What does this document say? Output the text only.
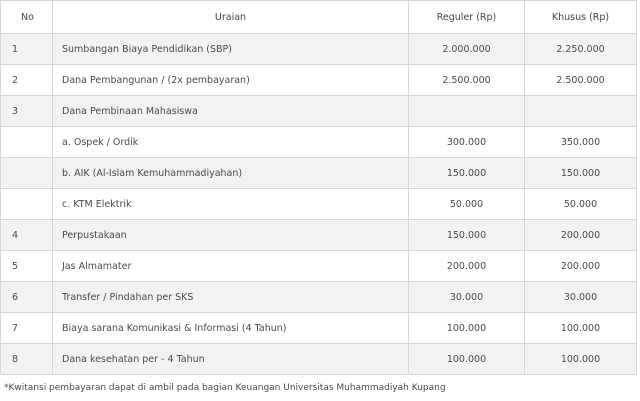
No	Uraian	Reguler (Rp)	Khusus (Rp)
1	Sumbangan Biaya Pendidikan (SBP)	2.000.000	2.250.000
2	Dana Pembangunan / (2x pembayaran)	2.500.000	2.500.000
3	Dana Pembinaan Mahasiswa		
	a. Ospek / Ordik	300.000	350.000
	b. AIK (Al-Islam Kemuhammadiyahan)	150.000	150.000
	c. KTM Elektrik	50.000	50.000
4	Perpustakaan	150.000	200.000
5	Jas Almamater	200.000	200.000
6	Transfer / Pindahan per SKS	30.000	30.000
7	Biaya sarana Komunikasi & Informasi (4 Tahun)	100.000	100.000
8	Dana kesehatan per - 4 Tahun	100.000	100.000
*Kwitansi pembayaran dapat di ambil pada bagian Keuangan Universitas Muhammadiyah Kupang
